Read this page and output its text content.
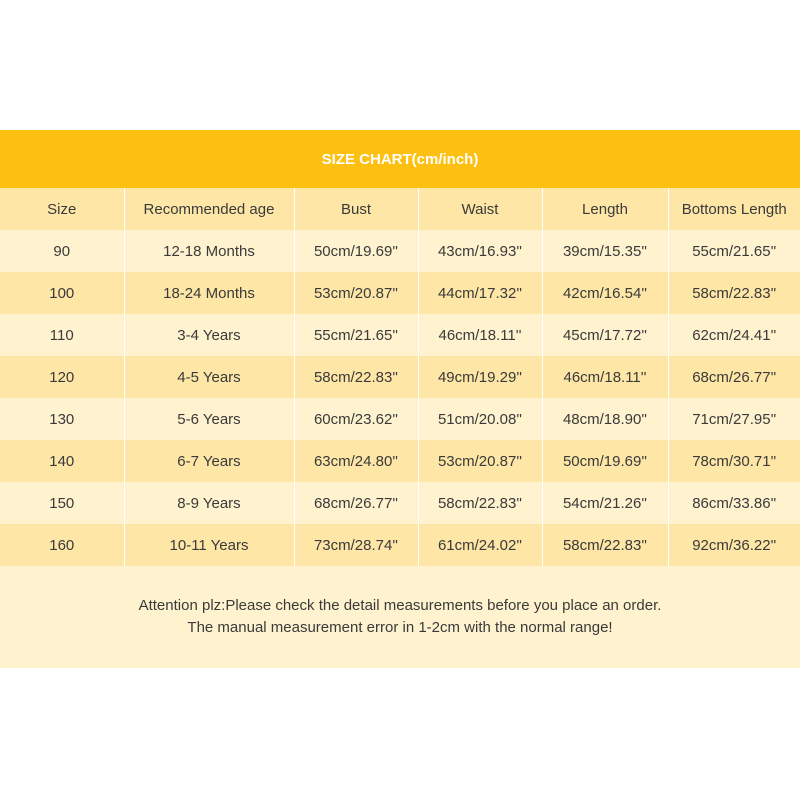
SIZE CHART(cm/inch)
Size	Recommended age	Bust	Waist	Length	Bottoms Length
90	12-18 Months	50cm/19.69''	43cm/16.93''	39cm/15.35''	55cm/21.65''
100	18-24 Months	53cm/20.87''	44cm/17.32''	42cm/16.54''	58cm/22.83''
110	3-4 Years	55cm/21.65''	46cm/18.11''	45cm/17.72''	62cm/24.41''
120	4-5 Years	58cm/22.83''	49cm/19.29''	46cm/18.11''	68cm/26.77''
130	5-6 Years	60cm/23.62''	51cm/20.08''	48cm/18.90''	71cm/27.95''
140	6-7 Years	63cm/24.80''	53cm/20.87''	50cm/19.69''	78cm/30.71''
150	8-9 Years	68cm/26.77''	58cm/22.83''	54cm/21.26''	86cm/33.86''
160	10-11 Years	73cm/28.74''	61cm/24.02''	58cm/22.83''	92cm/36.22''
Attention plz:Please check the detail measurements before you place an order.
The manual measurement error in 1-2cm with the normal range!
